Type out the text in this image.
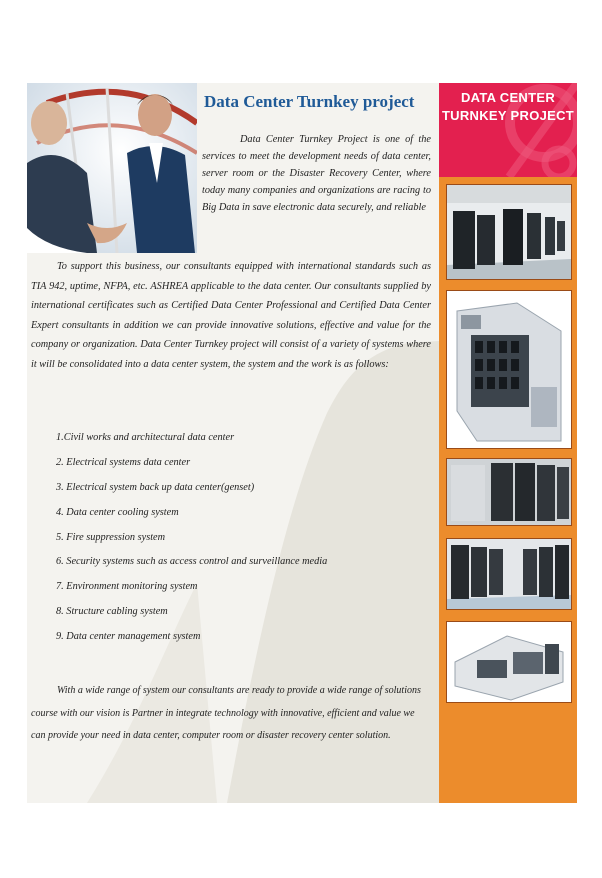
Data Center Turnkey project
Data Center Turnkey Project is one of the services to meet the development needs of data center, server room or the Disaster Recovery Center, where today many companies and organizations are racing to Big Data in save electronic data securely, and reliable
To support this business, our consultants equipped with international standards such as TIA 942, uptime, NFPA, etc. ASHREA applicable to the data center. Our consultants supplied by international certificates such as Certified Data Center Professional and Certified Data Center Expert consultants in addition we can provide innovative solutions, effective and value for the company or organization. Data Center Turnkey project will consist of a variety of systems where it will be consolidated into a data center system, the system and the work is as follows:
1.Civil works and architectural data center
2. Electrical systems data center
3. Electrical system back up data center(genset)
4. Data center cooling system
5. Fire suppression system
6. Security systems such as access control and surveillance media
7. Environment monitoring system
8. Structure cabling system
9. Data center management system
With a wide range of system our consultants are ready to provide a wide range of solutions course with our vision is Partner in integrate technology with innovative, efficient and value we can provide your need in data center, computer room or disaster recovery center solution.
DATA CENTER
TURNKEY PROJECT
